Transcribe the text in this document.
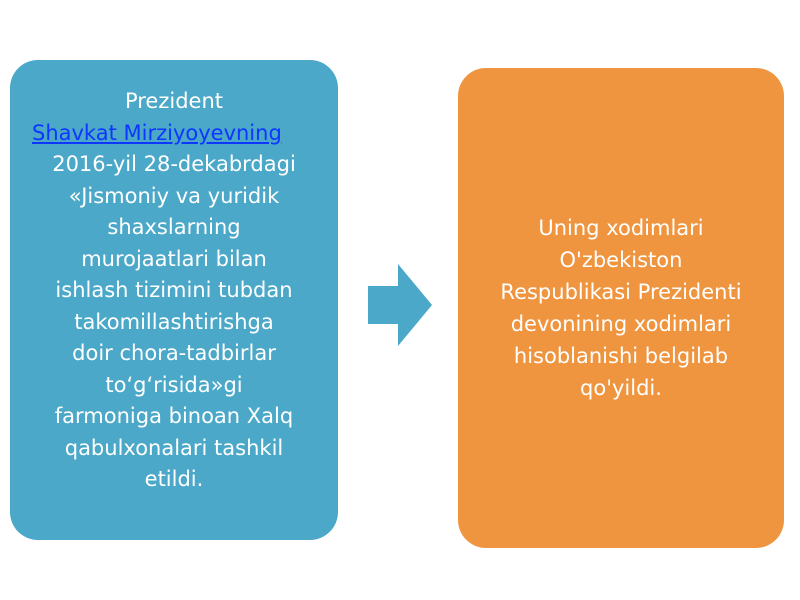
Prezident
Shavkat Mirziyoyevning
2016-yil 28-dekabrdagi
«Jismoniy va yuridik
shaxslarning
murojaatlari bilan
ishlash tizimini tubdan
takomillashtirishga
doir chora-tadbirlar
to‘g‘risida»gi
farmoniga binoan Xalq
qabulxonalari tashkil
etildi.
Uning xodimlari
O'zbekiston
Respublikasi Prezidenti
devonining xodimlari
hisoblanishi belgilab
qo'yildi.
